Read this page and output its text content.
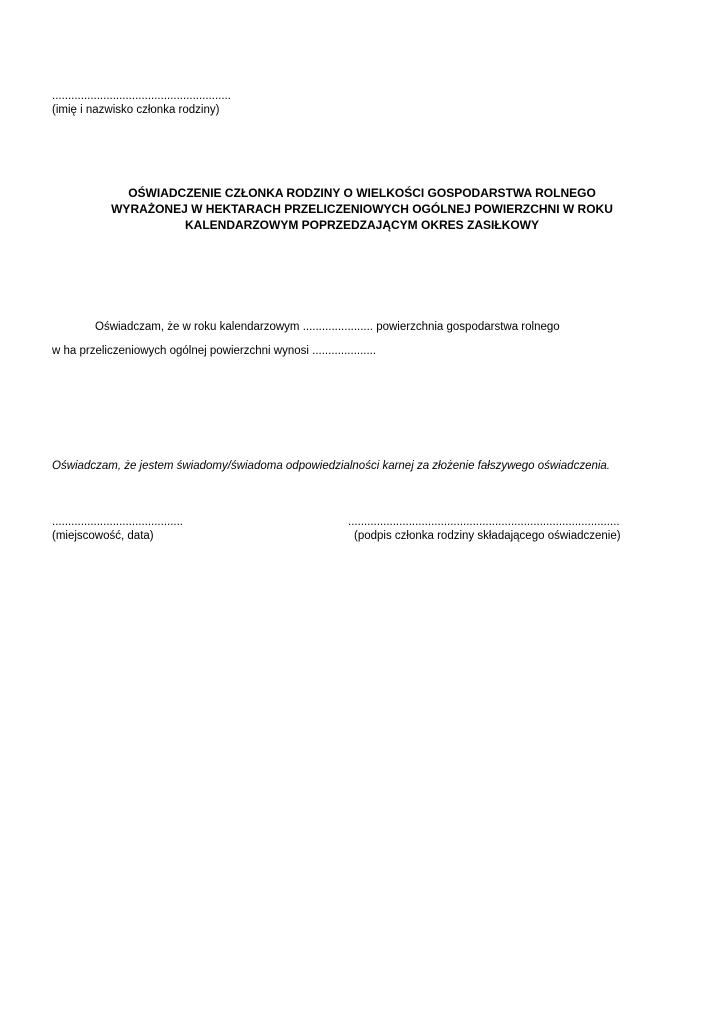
........................................................
(imię i nazwisko członka rodziny)
OŚWIADCZENIE CZŁONKA RODZINY O WIELKOŚCI GOSPODARSTWA ROLNEGO
WYRAŻONEJ W HEKTARACH PRZELICZENIOWYCH OGÓLNEJ POWIERZCHNI W ROKU
KALENDARZOWYM POPRZEDZAJĄCYM OKRES ZASIŁKOWY
Oświadczam, że w roku kalendarzowym ...................... powierzchnia gospodarstwa rolnego
w ha przeliczeniowych ogólnej powierzchni wynosi ....................
Oświadczam, że jestem świadomy/świadoma odpowiedzialności karnej za złożenie fałszywego oświadczenia.
.........................................
(miejscowość, data)
.....................................................................................
(podpis członka rodziny składającego oświadczenie)
